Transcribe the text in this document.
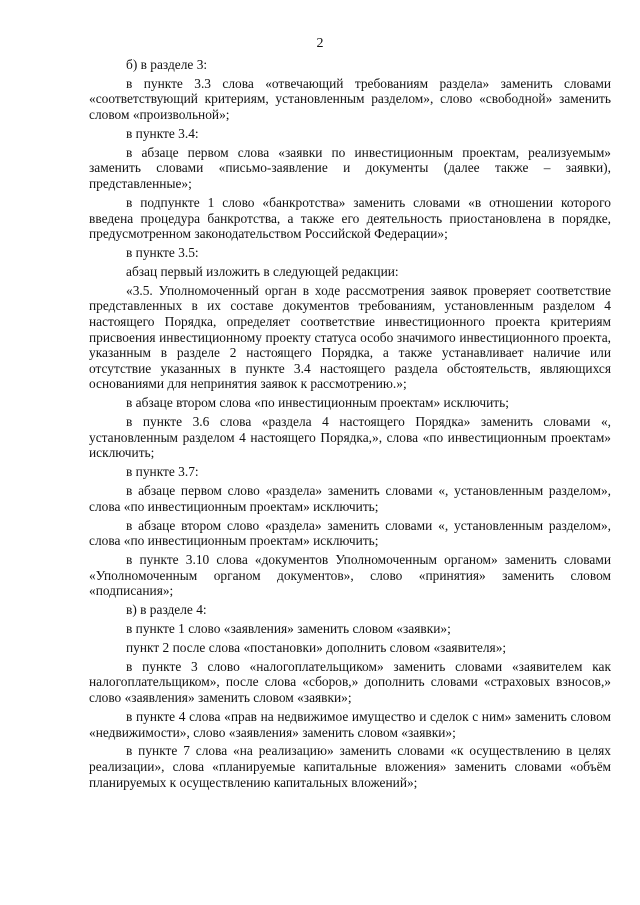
2

б) в разделе 3:

в пункте 3.3 слова «отвечающий требованиям раздела» заменить словами «соответствующий критериям, установленным разделом», слово «свободной» заменить словом «произвольной»;

в пункте 3.4:

в абзаце первом слова «заявки по инвестиционным проектам, реализуемым» заменить словами «письмо-заявление и документы (далее также – заявки), представленные»;

в подпункте 1 слово «банкротства» заменить словами «в отношении которого введена процедура банкротства, а также его деятельность приостановлена в порядке, предусмотренном законодательством Российской Федерации»;

в пункте 3.5:

абзац первый изложить в следующей редакции:

«3.5. Уполномоченный орган в ходе рассмотрения заявок проверяет соответствие представленных в их составе документов требованиям, установленным разделом 4 настоящего Порядка, определяет соответствие инвестиционного проекта критериям присвоения инвестиционному проекту статуса особо значимого инвестиционного проекта, указанным в разделе 2 настоящего Порядка, а также устанавливает наличие или отсутствие указанных в пункте 3.4 настоящего раздела обстоятельств, являющихся основаниями для непринятия заявок к рассмотрению.»;

в абзаце втором слова «по инвестиционным проектам» исключить;

в пункте 3.6 слова «раздела 4 настоящего Порядка» заменить словами «, установленным разделом 4 настоящего Порядка,», слова «по инвестиционным проектам» исключить;

в пункте 3.7:

в абзаце первом слово «раздела» заменить словами «, установленным разделом», слова «по инвестиционным проектам» исключить;

в абзаце втором слово «раздела» заменить словами «, установленным разделом», слова «по инвестиционным проектам» исключить;

в пункте 3.10 слова «документов Уполномоченным органом» заменить словами «Уполномоченным органом документов», слово «принятия» заменить словом «подписания»;

в) в разделе 4:

в пункте 1 слово «заявления» заменить словом «заявки»;

пункт 2 после слова «постановки» дополнить словом «заявителя»;

в пункте 3 слово «налогоплательщиком» заменить словами «заявителем как налогоплательщиком», после слова «сборов,» дополнить словами «страховых взносов,» слово «заявления» заменить словом «заявки»;

в пункте 4 слова «прав на недвижимое имущество и сделок с ним» заменить словом «недвижимости», слово «заявления» заменить словом «заявки»;

в пункте 7 слова «на реализацию» заменить словами «к осуществлению в целях реализации», слова «планируемые капитальные вложения» заменить словами «объём планируемых к осуществлению капитальных вложений»;
